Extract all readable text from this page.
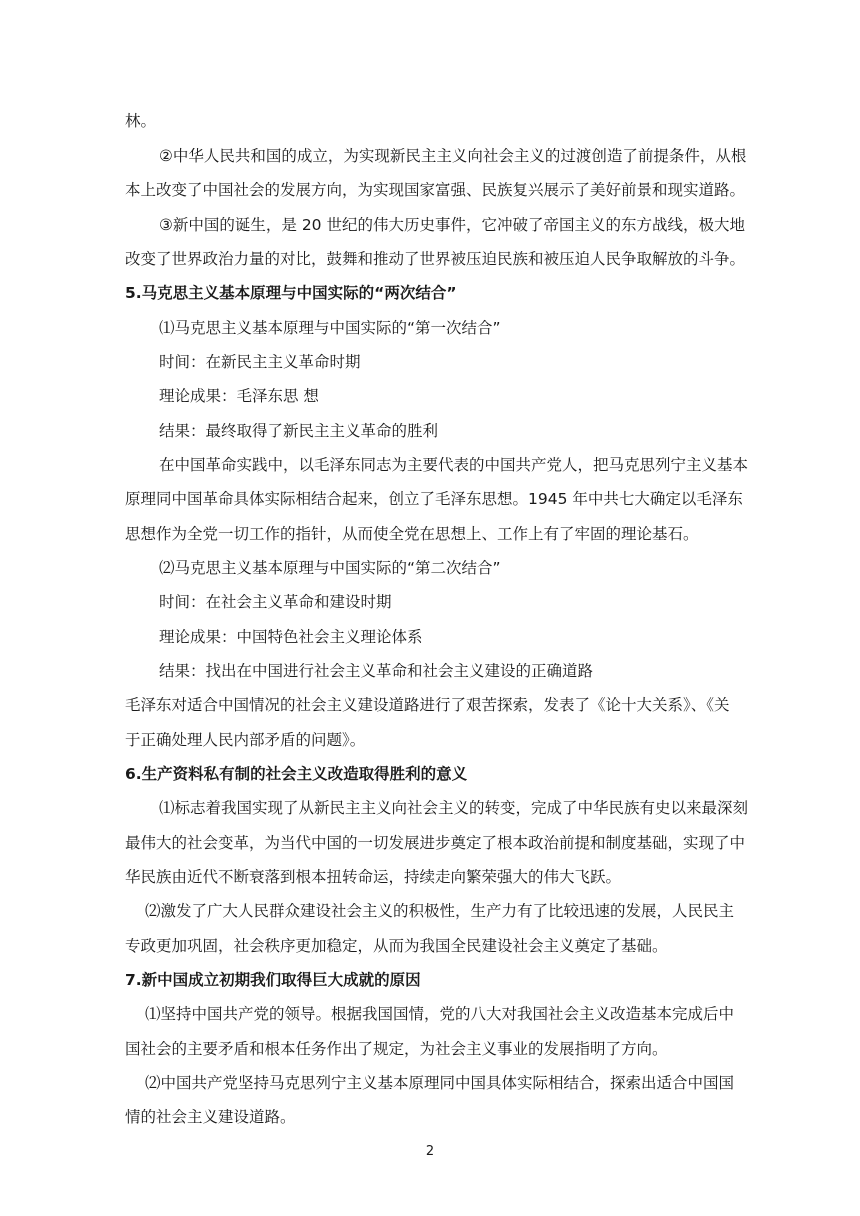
林。
②中华人民共和国的成立，为实现新民主主义向社会主义的过渡创造了前提条件，从根
本上改变了中国社会的发展方向，为实现国家富强、民族复兴展示了美好前景和现实道路。
③新中国的诞生，是 20 世纪的伟大历史事件，它冲破了帝国主义的东方战线，极大地
改变了世界政治力量的对比，鼓舞和推动了世界被压迫民族和被压迫人民争取解放的斗争。
5.马克思主义基本原理与中国实际的“两次结合”
⑴马克思主义基本原理与中国实际的“第一次结合”
时间：在新民主主义革命时期
理论成果：毛泽东思 想
结果：最终取得了新民主主义革命的胜利
在中国革命实践中，以毛泽东同志为主要代表的中国共产党人，把马克思列宁主义基本
原理同中国革命具体实际相结合起来，创立了毛泽东思想。1945 年中共七大确定以毛泽东
思想作为全党一切工作的指针，从而使全党在思想上、工作上有了牢固的理论基石。
⑵马克思主义基本原理与中国实际的“第二次结合”
时间：在社会主义革命和建设时期
理论成果：中国特色社会主义理论体系
结果：找出在中国进行社会主义革命和社会主义建设的正确道路
毛泽东对适合中国情况的社会主义建设道路进行了艰苦探索，发表了《论十大关系》、《关
于正确处理人民内部矛盾的问题》。
6.生产资料私有制的社会主义改造取得胜利的意义
⑴标志着我国实现了从新民主主义向社会主义的转变，完成了中华民族有史以来最深刻
最伟大的社会变革，为当代中国的一切发展进步奠定了根本政治前提和制度基础，实现了中
华民族由近代不断衰落到根本扭转命运，持续走向繁荣强大的伟大飞跃。
⑵激发了广大人民群众建设社会主义的积极性，生产力有了比较迅速的发展，人民民主
专政更加巩固，社会秩序更加稳定，从而为我国全民建设社会主义奠定了基础。
7.新中国成立初期我们取得巨大成就的原因
⑴坚持中国共产党的领导。根据我国国情，党的八大对我国社会主义改造基本完成后中
国社会的主要矛盾和根本任务作出了规定，为社会主义事业的发展指明了方向。
⑵中国共产党坚持马克思列宁主义基本原理同中国具体实际相结合，探索出适合中国国
情的社会主义建设道路。
2
